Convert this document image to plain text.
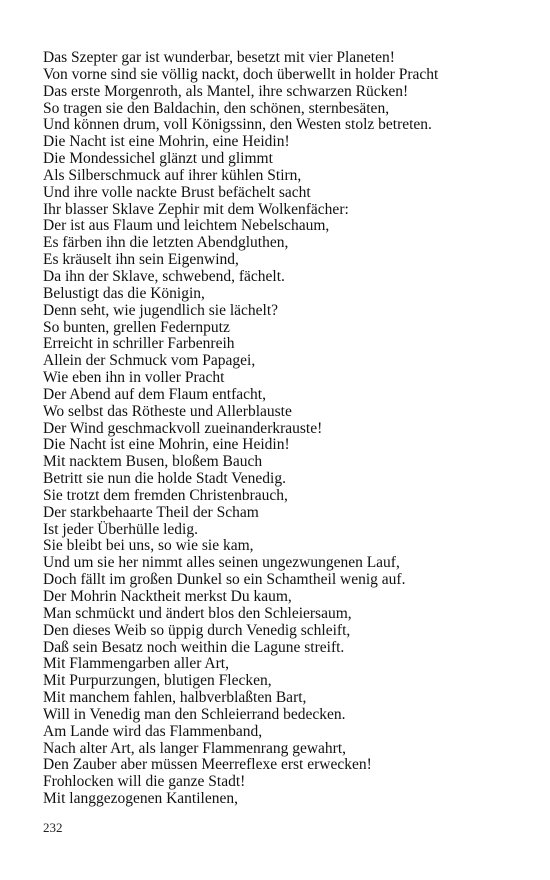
Das Szepter gar ist wunderbar, besetzt mit vier Planeten!
Von vorne sind sie völlig nackt, doch überwellt in holder Pracht
Das erste Morgenroth, als Mantel, ihre schwarzen Rücken!
So tragen sie den Baldachin, den schönen, sternbesäten,
Und können drum, voll Königssinn, den Westen stolz betreten.
Die Nacht ist eine Mohrin, eine Heidin!
Die Mondessichel glänzt und glimmt
Als Silberschmuck auf ihrer kühlen Stirn,
Und ihre volle nackte Brust befächelt sacht
Ihr blasser Sklave Zephir mit dem Wolkenfächer:
Der ist aus Flaum und leichtem Nebelschaum,
Es färben ihn die letzten Abendgluthen,
Es kräuselt ihn sein Eigenwind,
Da ihn der Sklave, schwebend, fächelt.
Belustigt das die Königin,
Denn seht, wie jugendlich sie lächelt?
So bunten, grellen Federnputz
Erreicht in schriller Farbenreih
Allein der Schmuck vom Papagei,
Wie eben ihn in voller Pracht
Der Abend auf dem Flaum entfacht,
Wo selbst das Rötheste und Allerblauste
Der Wind geschmackvoll zueinanderkrauste!
Die Nacht ist eine Mohrin, eine Heidin!
Mit nacktem Busen, bloßem Bauch
Betritt sie nun die holde Stadt Venedig.
Sie trotzt dem fremden Christenbrauch,
Der starkbehaarte Theil der Scham
Ist jeder Überhülle ledig.
Sie bleibt bei uns, so wie sie kam,
Und um sie her nimmt alles seinen ungezwungenen Lauf,
Doch fällt im großen Dunkel so ein Schamtheil wenig auf.
Der Mohrin Nacktheit merkst Du kaum,
Man schmückt und ändert blos den Schleiersaum,
Den dieses Weib so üppig durch Venedig schleift,
Daß sein Besatz noch weithin die Lagune streift.
Mit Flammengarben aller Art,
Mit Purpurzungen, blutigen Flecken,
Mit manchem fahlen, halbverblaßten Bart,
Will in Venedig man den Schleierrand bedecken.
Am Lande wird das Flammenband,
Nach alter Art, als langer Flammenrang gewahrt,
Den Zauber aber müssen Meerreflexe erst erwecken!
Frohlocken will die ganze Stadt!
Mit langgezogenen Kantilenen,
232
